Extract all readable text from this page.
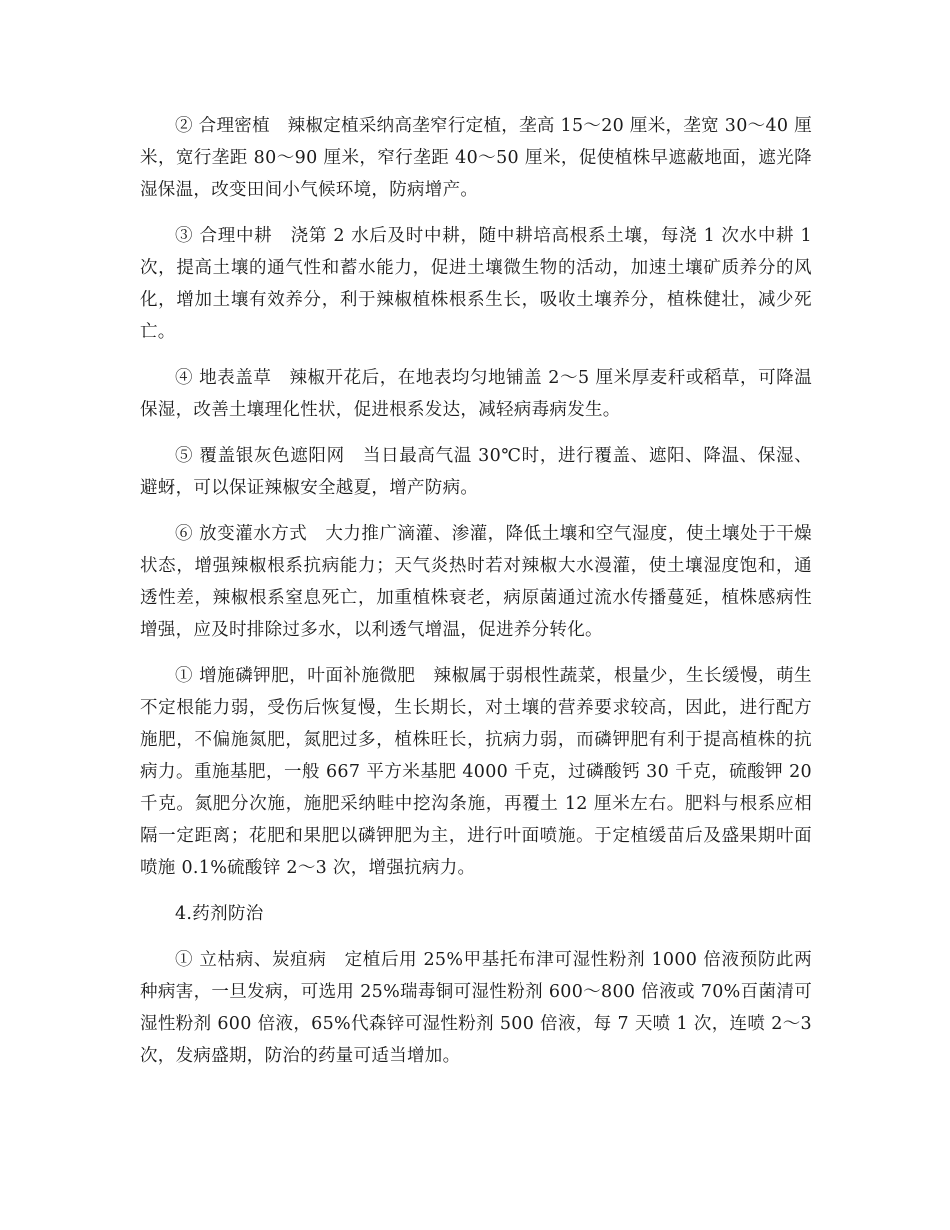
② 合理密植　辣椒定植采纳高垄窄行定植，垄高 15～20 厘米，垄宽 30～40 厘米，宽行垄距 80～90 厘米，窄行垄距 40～50 厘米，促使植株早遮蔽地面，遮光降湿保温，改变田间小气候环境，防病增产。

③ 合理中耕　浇第 2 水后及时中耕，随中耕培高根系土壤，每浇 1 次水中耕 1 次，提高土壤的通气性和蓄水能力，促进土壤微生物的活动，加速土壤矿质养分的风化，增加土壤有效养分，利于辣椒植株根系生长，吸收土壤养分，植株健壮，减少死亡。

④ 地表盖草　辣椒开花后，在地表均匀地铺盖 2～5 厘米厚麦秆或稻草，可降温保湿，改善土壤理化性状，促进根系发达，减轻病毒病发生。

⑤ 覆盖银灰色遮阳网　当日最高气温 30℃时，进行覆盖、遮阳、降温、保湿、避蚜，可以保证辣椒安全越夏，增产防病。

⑥ 放变灌水方式　大力推广滴灌、渗灌，降低土壤和空气湿度，使土壤处于干燥状态，增强辣椒根系抗病能力；天气炎热时若对辣椒大水漫灌，使土壤湿度饱和，通透性差，辣椒根系窒息死亡，加重植株衰老，病原菌通过流水传播蔓延，植株感病性增强，应及时排除过多水，以利透气增温，促进养分转化。

① 增施磷钾肥，叶面补施微肥　辣椒属于弱根性蔬菜，根量少，生长缓慢，萌生不定根能力弱，受伤后恢复慢，生长期长，对土壤的营养要求较高，因此，进行配方施肥，不偏施氮肥，氮肥过多，植株旺长，抗病力弱，而磷钾肥有利于提高植株的抗病力。重施基肥，一般 667 平方米基肥 4000 千克，过磷酸钙 30 千克，硫酸钾 20 千克。氮肥分次施，施肥采纳畦中挖沟条施，再覆土 12 厘米左右。肥料与根系应相隔一定距离；花肥和果肥以磷钾肥为主，进行叶面喷施。于定植缓苗后及盛果期叶面喷施 0.1%硫酸锌 2～3 次，增强抗病力。

4.药剂防治

① 立枯病、炭疽病　定植后用 25%甲基托布津可湿性粉剂 1000 倍液预防此两种病害，一旦发病，可选用 25%瑞毒铜可湿性粉剂 600～800 倍液或 70%百菌清可湿性粉剂 600 倍液，65%代森锌可湿性粉剂 500 倍液，每 7 天喷 1 次，连喷 2～3 次，发病盛期，防治的药量可适当增加。
